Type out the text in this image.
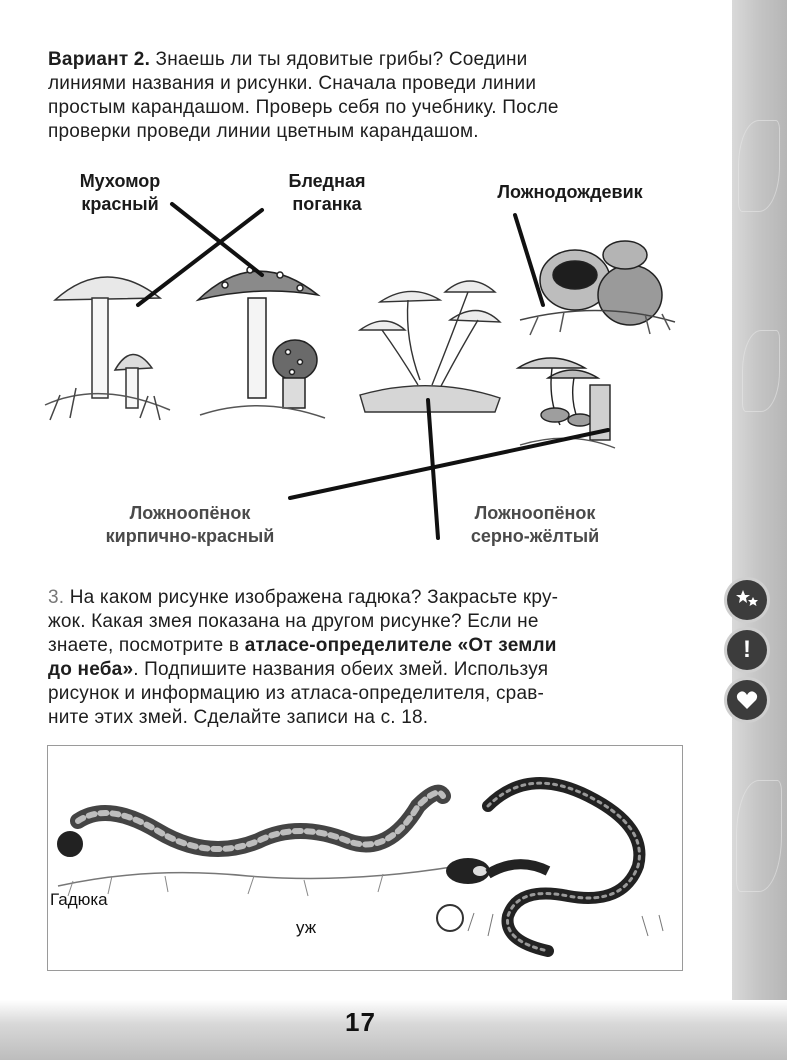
Вариант 2. Знаешь ли ты ядовитые грибы? Соедини
линиями названия и рисунки. Сначала проведи линии
простым карандашом. Проверь себя по учебнику. После
проверки проведи линии цветным карандашом.
Мухомор
красный
Бледная
поганка
Ложнодождевик
Ложноопёнок
кирпично-красный
Ложноопёнок
серно-жёлтый
3. На каком рисунке изображена гадюка? Закрасьте кру-
жок. Какая змея показана на другом рисунке? Если не
знаете, посмотрите в атласе-определителе «От земли
до неба». Подпишите названия обеих змей. Используя
рисунок и информацию из атласа-определителя, срав-
ните этих змей. Сделайте записи на с. 18.
!
Гадюка
уж
17
